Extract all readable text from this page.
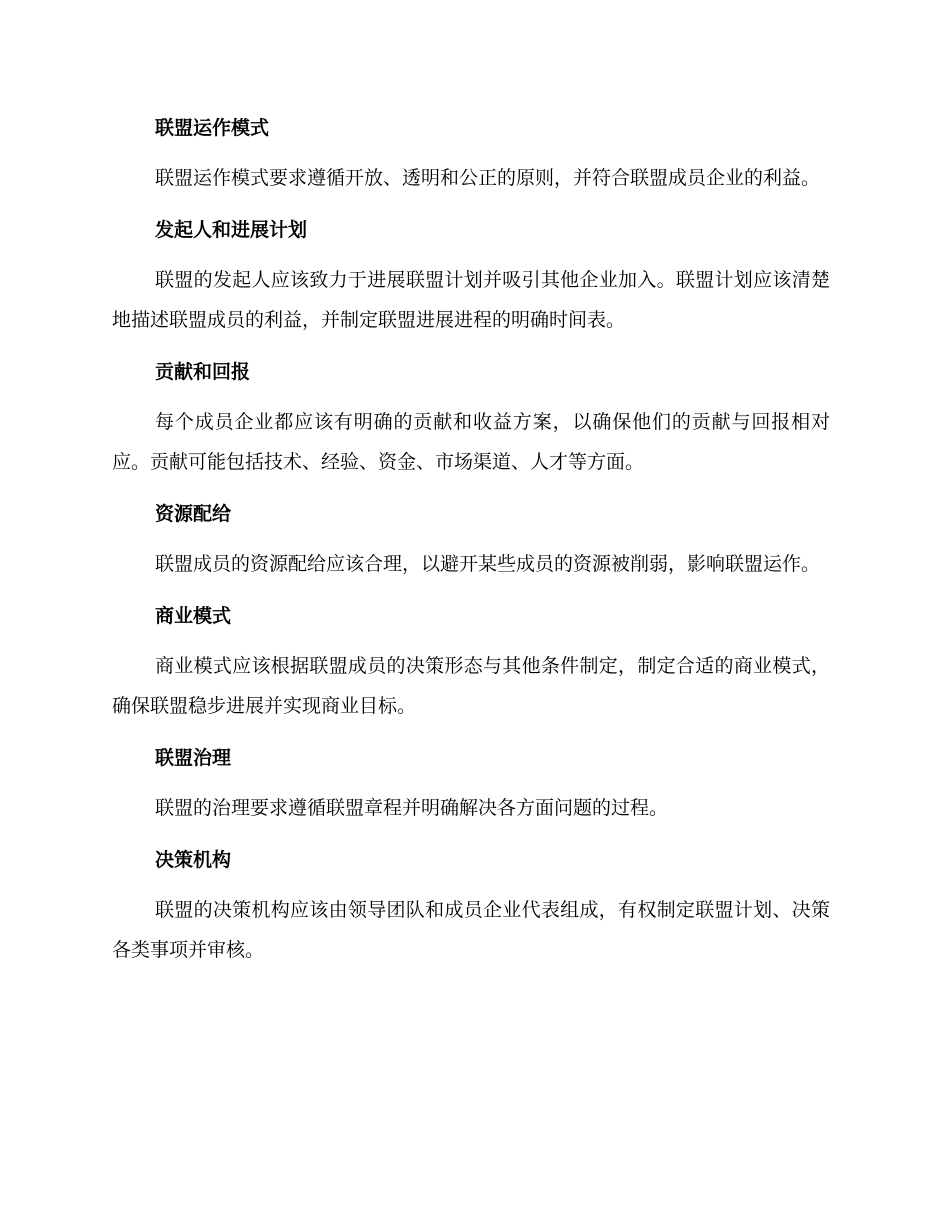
联盟运作模式

联盟运作模式要求遵循开放、透明和公正的原则，并符合联盟成员企业的利益。

发起人和进展计划

联盟的发起人应该致力于进展联盟计划并吸引其他企业加入。联盟计划应该清楚地描述联盟成员的利益，并制定联盟进展进程的明确时间表。

贡献和回报

每个成员企业都应该有明确的贡献和收益方案，以确保他们的贡献与回报相对应。贡献可能包括技术、经验、资金、市场渠道、人才等方面。

资源配给

联盟成员的资源配给应该合理，以避开某些成员的资源被削弱，影响联盟运作。

商业模式

商业模式应该根据联盟成员的决策形态与其他条件制定，制定合适的商业模式，确保联盟稳步进展并实现商业目标。

联盟治理

联盟的治理要求遵循联盟章程并明确解决各方面问题的过程。

决策机构

联盟的决策机构应该由领导团队和成员企业代表组成，有权制定联盟计划、决策各类事项并审核。
